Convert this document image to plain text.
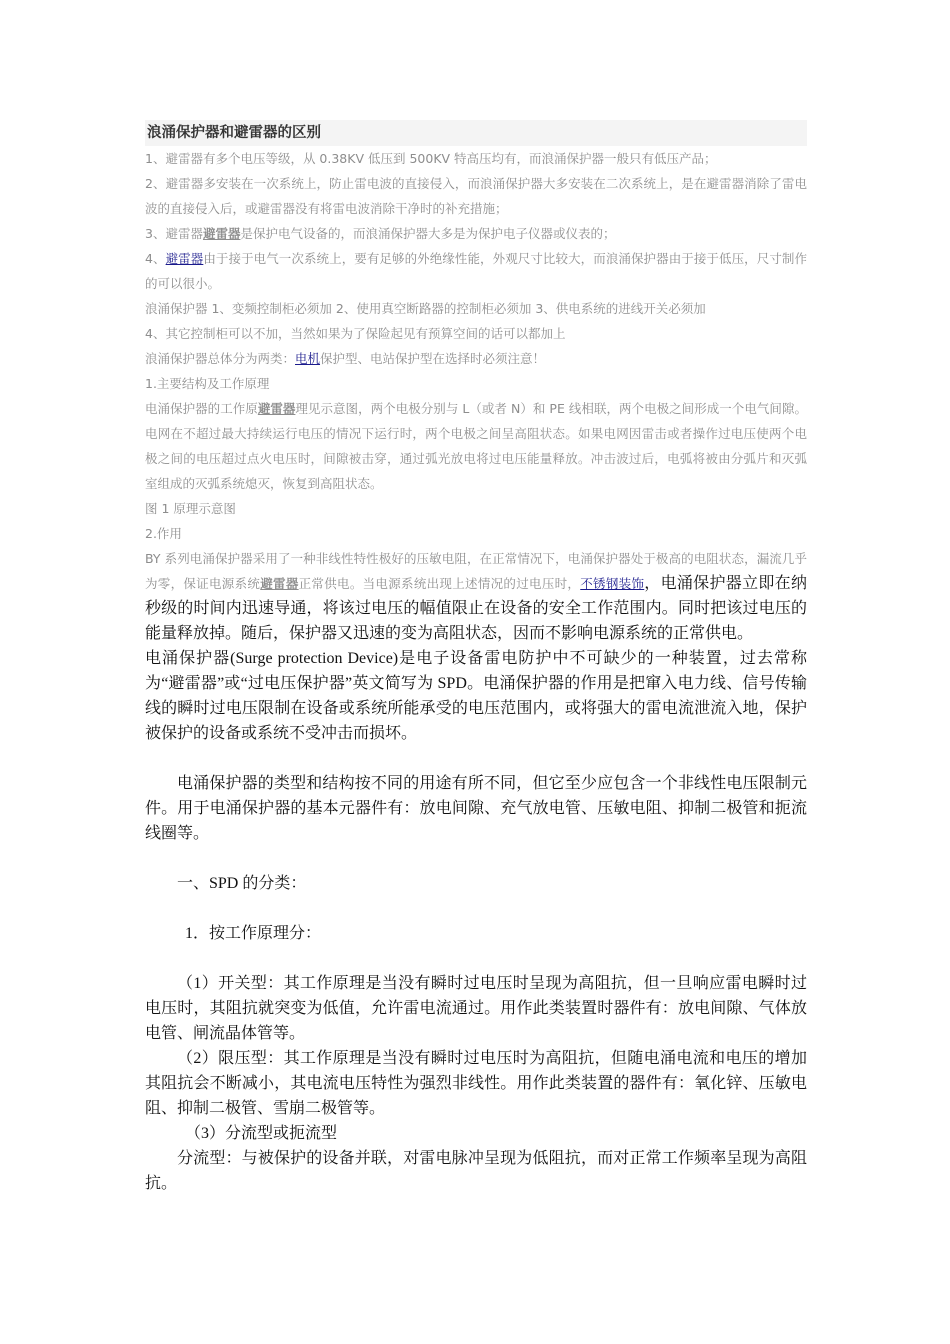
浪涌保护器和避雷器的区别

1、避雷器有多个电压等级，从 0.38KV 低压到 500KV 特高压均有，而浪涌保护器一般只有低压产品；

2、避雷器多安装在一次系统上，防止雷电波的直接侵入，而浪涌保护器大多安装在二次系统上，是在避雷器消除了雷电波的直接侵入后，或避雷器没有将雷电波消除干净时的补充措施；

3、避雷器避雷器是保护电气设备的，而浪涌保护器大多是为保护电子仪器或仪表的；

4、避雷器由于接于电气一次系统上，要有足够的外绝缘性能，外观尺寸比较大，而浪涌保护器由于接于低压，尺寸制作的可以很小。

浪涌保护器 1、变频控制柜必须加 2、使用真空断路器的控制柜必须加 3、供电系统的进线开关必须加

4、其它控制柜可以不加，当然如果为了保险起见有预算空间的话可以都加上

浪涌保护器总体分为两类：电机保护型、电站保护型在选择时必须注意！

1.主要结构及工作原理

电涌保护器的工作原避雷器理见示意图，两个电极分别与 L（或者 N）和 PE 线相联，两个电极之间形成一个电气间隙。电网在不超过最大持续运行电压的情况下运行时，两个电极之间呈高阻状态。如果电网因雷击或者操作过电压使两个电极之间的电压超过点火电压时，间隙被击穿，通过弧光放电将过电压能量释放。冲击波过后，电弧将被由分弧片和灭弧室组成的灭弧系统熄灭，恢复到高阻状态。

图 1 原理示意图

2.作用

BY 系列电涌保护器采用了一种非线性特性极好的压敏电阻，在正常情况下，电涌保护器处于极高的电阻状态，漏流几乎为零，保证电源系统避雷器正常供电。当电源系统出现上述情况的过电压时，不锈钢装饰，电涌保护器立即在纳秒级的时间内迅速导通，将该过电压的幅值限止在设备的安全工作范围内。同时把该过电压的能量释放掉。随后，保护器又迅速的变为高阻状态，因而不影响电源系统的正常供电。

电涌保护器(Surge protection Device)是电子设备雷电防护中不可缺少的一种装置，过去常称为“避雷器”或“过电压保护器”英文简写为 SPD。电涌保护器的作用是把窜入电力线、信号传输线的瞬时过电压限制在设备或系统所能承受的电压范围内，或将强大的雷电流泄流入地，保护被保护的设备或系统不受冲击而损坏。

电涌保护器的类型和结构按不同的用途有所不同，但它至少应包含一个非线性电压限制元件。用于电涌保护器的基本元器件有：放电间隙、充气放电管、压敏电阻、抑制二极管和扼流线圈等。

一、SPD 的分类：

1．按工作原理分：

（1）开关型：其工作原理是当没有瞬时过电压时呈现为高阻抗，但一旦响应雷电瞬时过电压时，其阻抗就突变为低值，允许雷电流通过。用作此类装置时器件有：放电间隙、气体放电管、闸流晶体管等。

（2）限压型：其工作原理是当没有瞬时过电压时为高阻抗，但随电涌电流和电压的增加其阻抗会不断减小，其电流电压特性为强烈非线性。用作此类装置的器件有：氧化锌、压敏电阻、抑制二极管、雪崩二极管等。

（3）分流型或扼流型

分流型：与被保护的设备并联，对雷电脉冲呈现为低阻抗，而对正常工作频率呈现为高阻抗。
